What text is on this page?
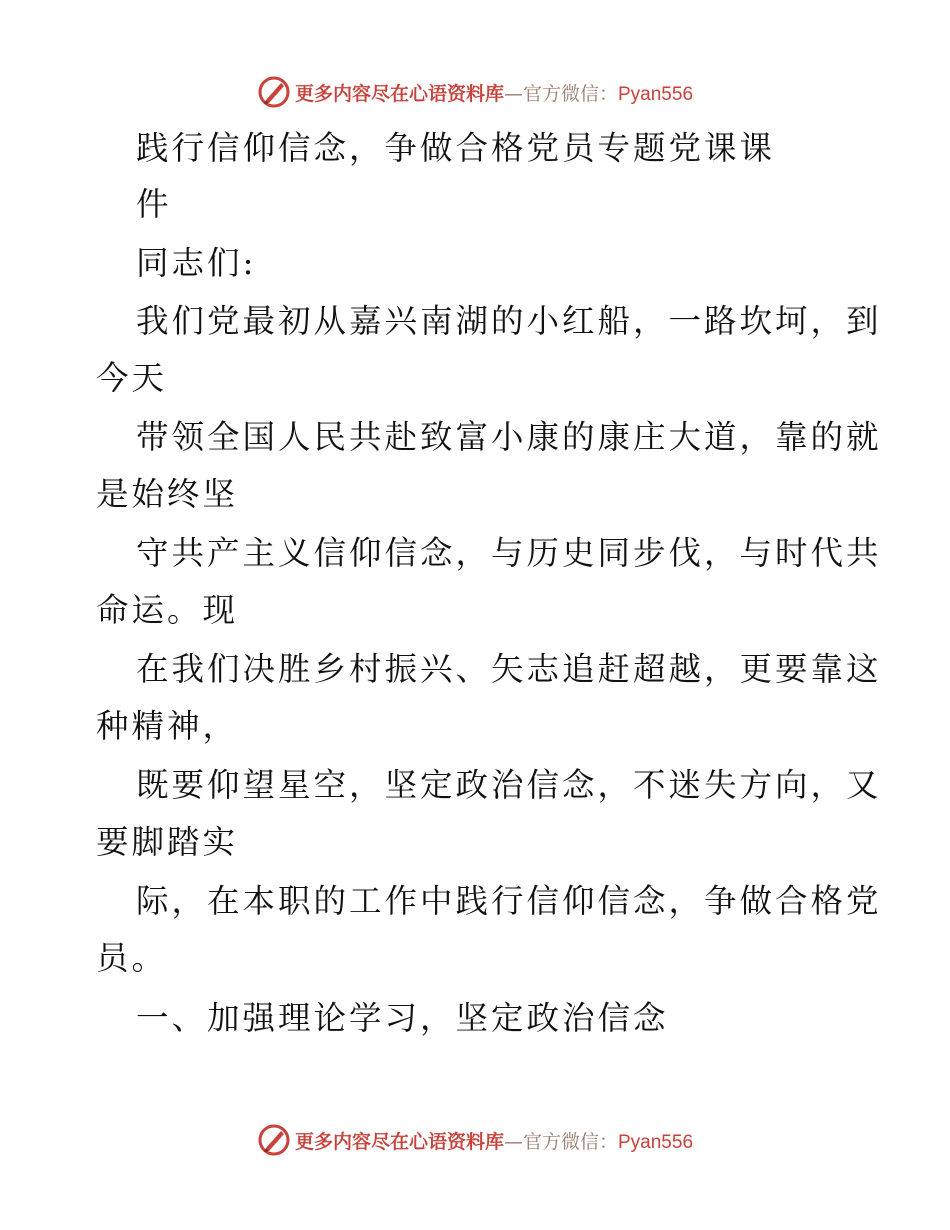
更多内容尽在心语资料库—官方微信：Pyan556

践行信仰信念，争做合格党员专题党课课

件

同志们:

我们党最初从嘉兴南湖的小红船，一路坎坷，到

今天

带领全国人民共赴致富小康的康庄大道，靠的就

是始终坚

守共产主义信仰信念，与历史同步伐，与时代共

命运。现

在我们决胜乡村振兴、矢志追赶超越，更要靠这

种精神，

既要仰望星空，坚定政治信念，不迷失方向，又

要脚踏实

际，在本职的工作中践行信仰信念，争做合格党

员。

一、加强理论学习，坚定政治信念

更多内容尽在心语资料库—官方微信：Pyan556
